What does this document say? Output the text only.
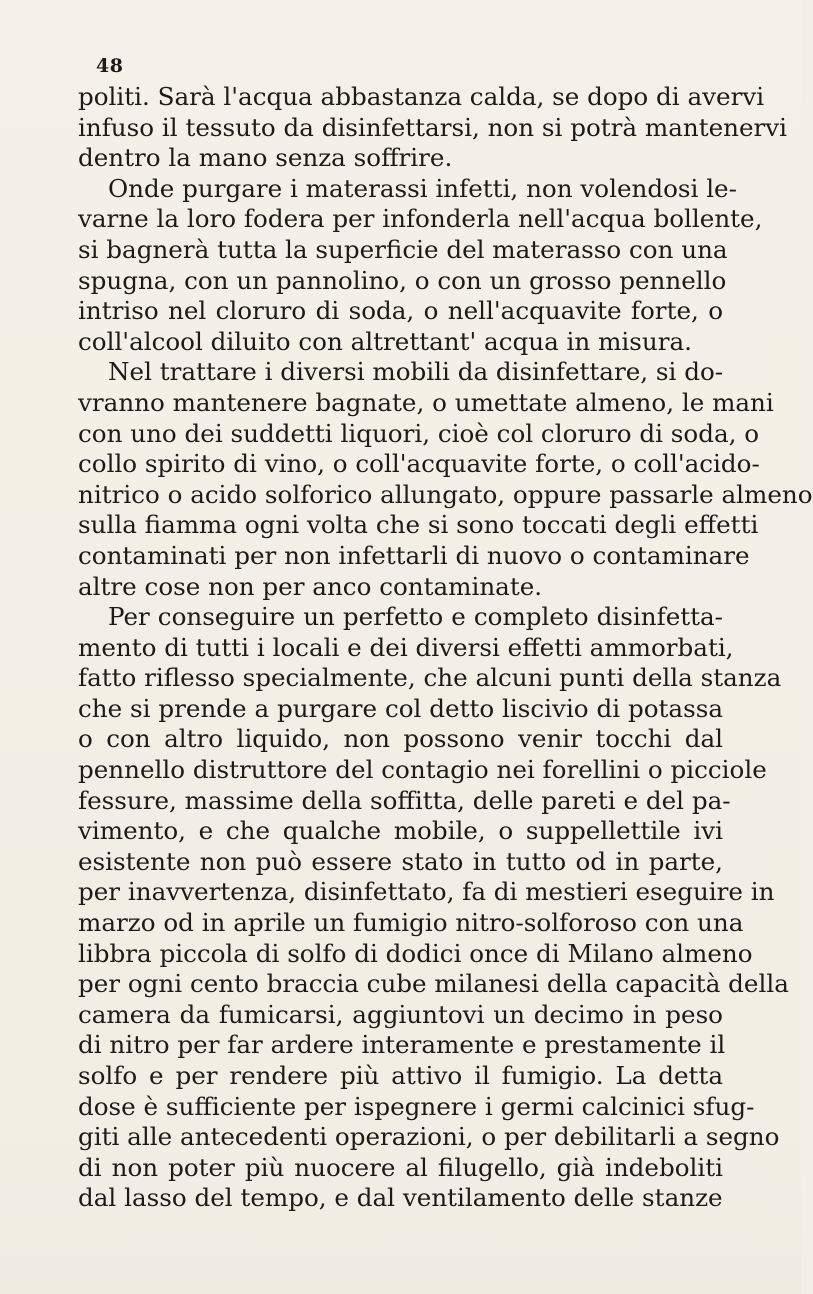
48
politi. Sarà l'acqua abbastanza calda, se dopo di avervi
infuso il tessuto da disinfettarsi, non si potrà mantenervi
dentro la mano senza soffrire.
Onde purgare i materassi infetti, non volendosi le-
varne la loro fodera per infonderla nell'acqua bollente,
si bagnerà tutta la superficie del materasso con una
spugna, con un pannolino, o con un grosso pennello
intriso nel cloruro di soda, o nell'acquavite forte, o
coll'alcool diluito con altrettant' acqua in misura.
Nel trattare i diversi mobili da disinfettare, si do-
vranno mantenere bagnate, o umettate almeno, le mani
con uno dei suddetti liquori, cioè col cloruro di soda, o
collo spirito di vino, o coll'acquavite forte, o coll'acido-
nitrico o acido solforico allungato, oppure passarle almeno
sulla fiamma ogni volta che si sono toccati degli effetti
contaminati per non infettarli di nuovo o contaminare
altre cose non per anco contaminate.
Per conseguire un perfetto e completo disinfetta-
mento di tutti i locali e dei diversi effetti ammorbati,
fatto riflesso specialmente, che alcuni punti della stanza
che si prende a purgare col detto liscivio di potassa
o con altro liquido, non possono venir tocchi dal
pennello distruttore del contagio nei forellini o picciole
fessure, massime della soffitta, delle pareti e del pa-
vimento, e che qualche mobile, o suppellettile ivi
esistente non può essere stato in tutto od in parte,
per inavvertenza, disinfettato, fa di mestieri eseguire in
marzo od in aprile un fumigio nitro-solforoso con una
libbra piccola di solfo di dodici once di Milano almeno
per ogni cento braccia cube milanesi della capacità della
camera da fumicarsi, aggiuntovi un decimo in peso
di nitro per far ardere interamente e prestamente il
solfo e per rendere più attivo il fumigio. La detta
dose è sufficiente per ispegnere i germi calcinici sfug-
giti alle antecedenti operazioni, o per debilitarli a segno
di non poter più nuocere al filugello, già indeboliti
dal lasso del tempo, e dal ventilamento delle stanze
